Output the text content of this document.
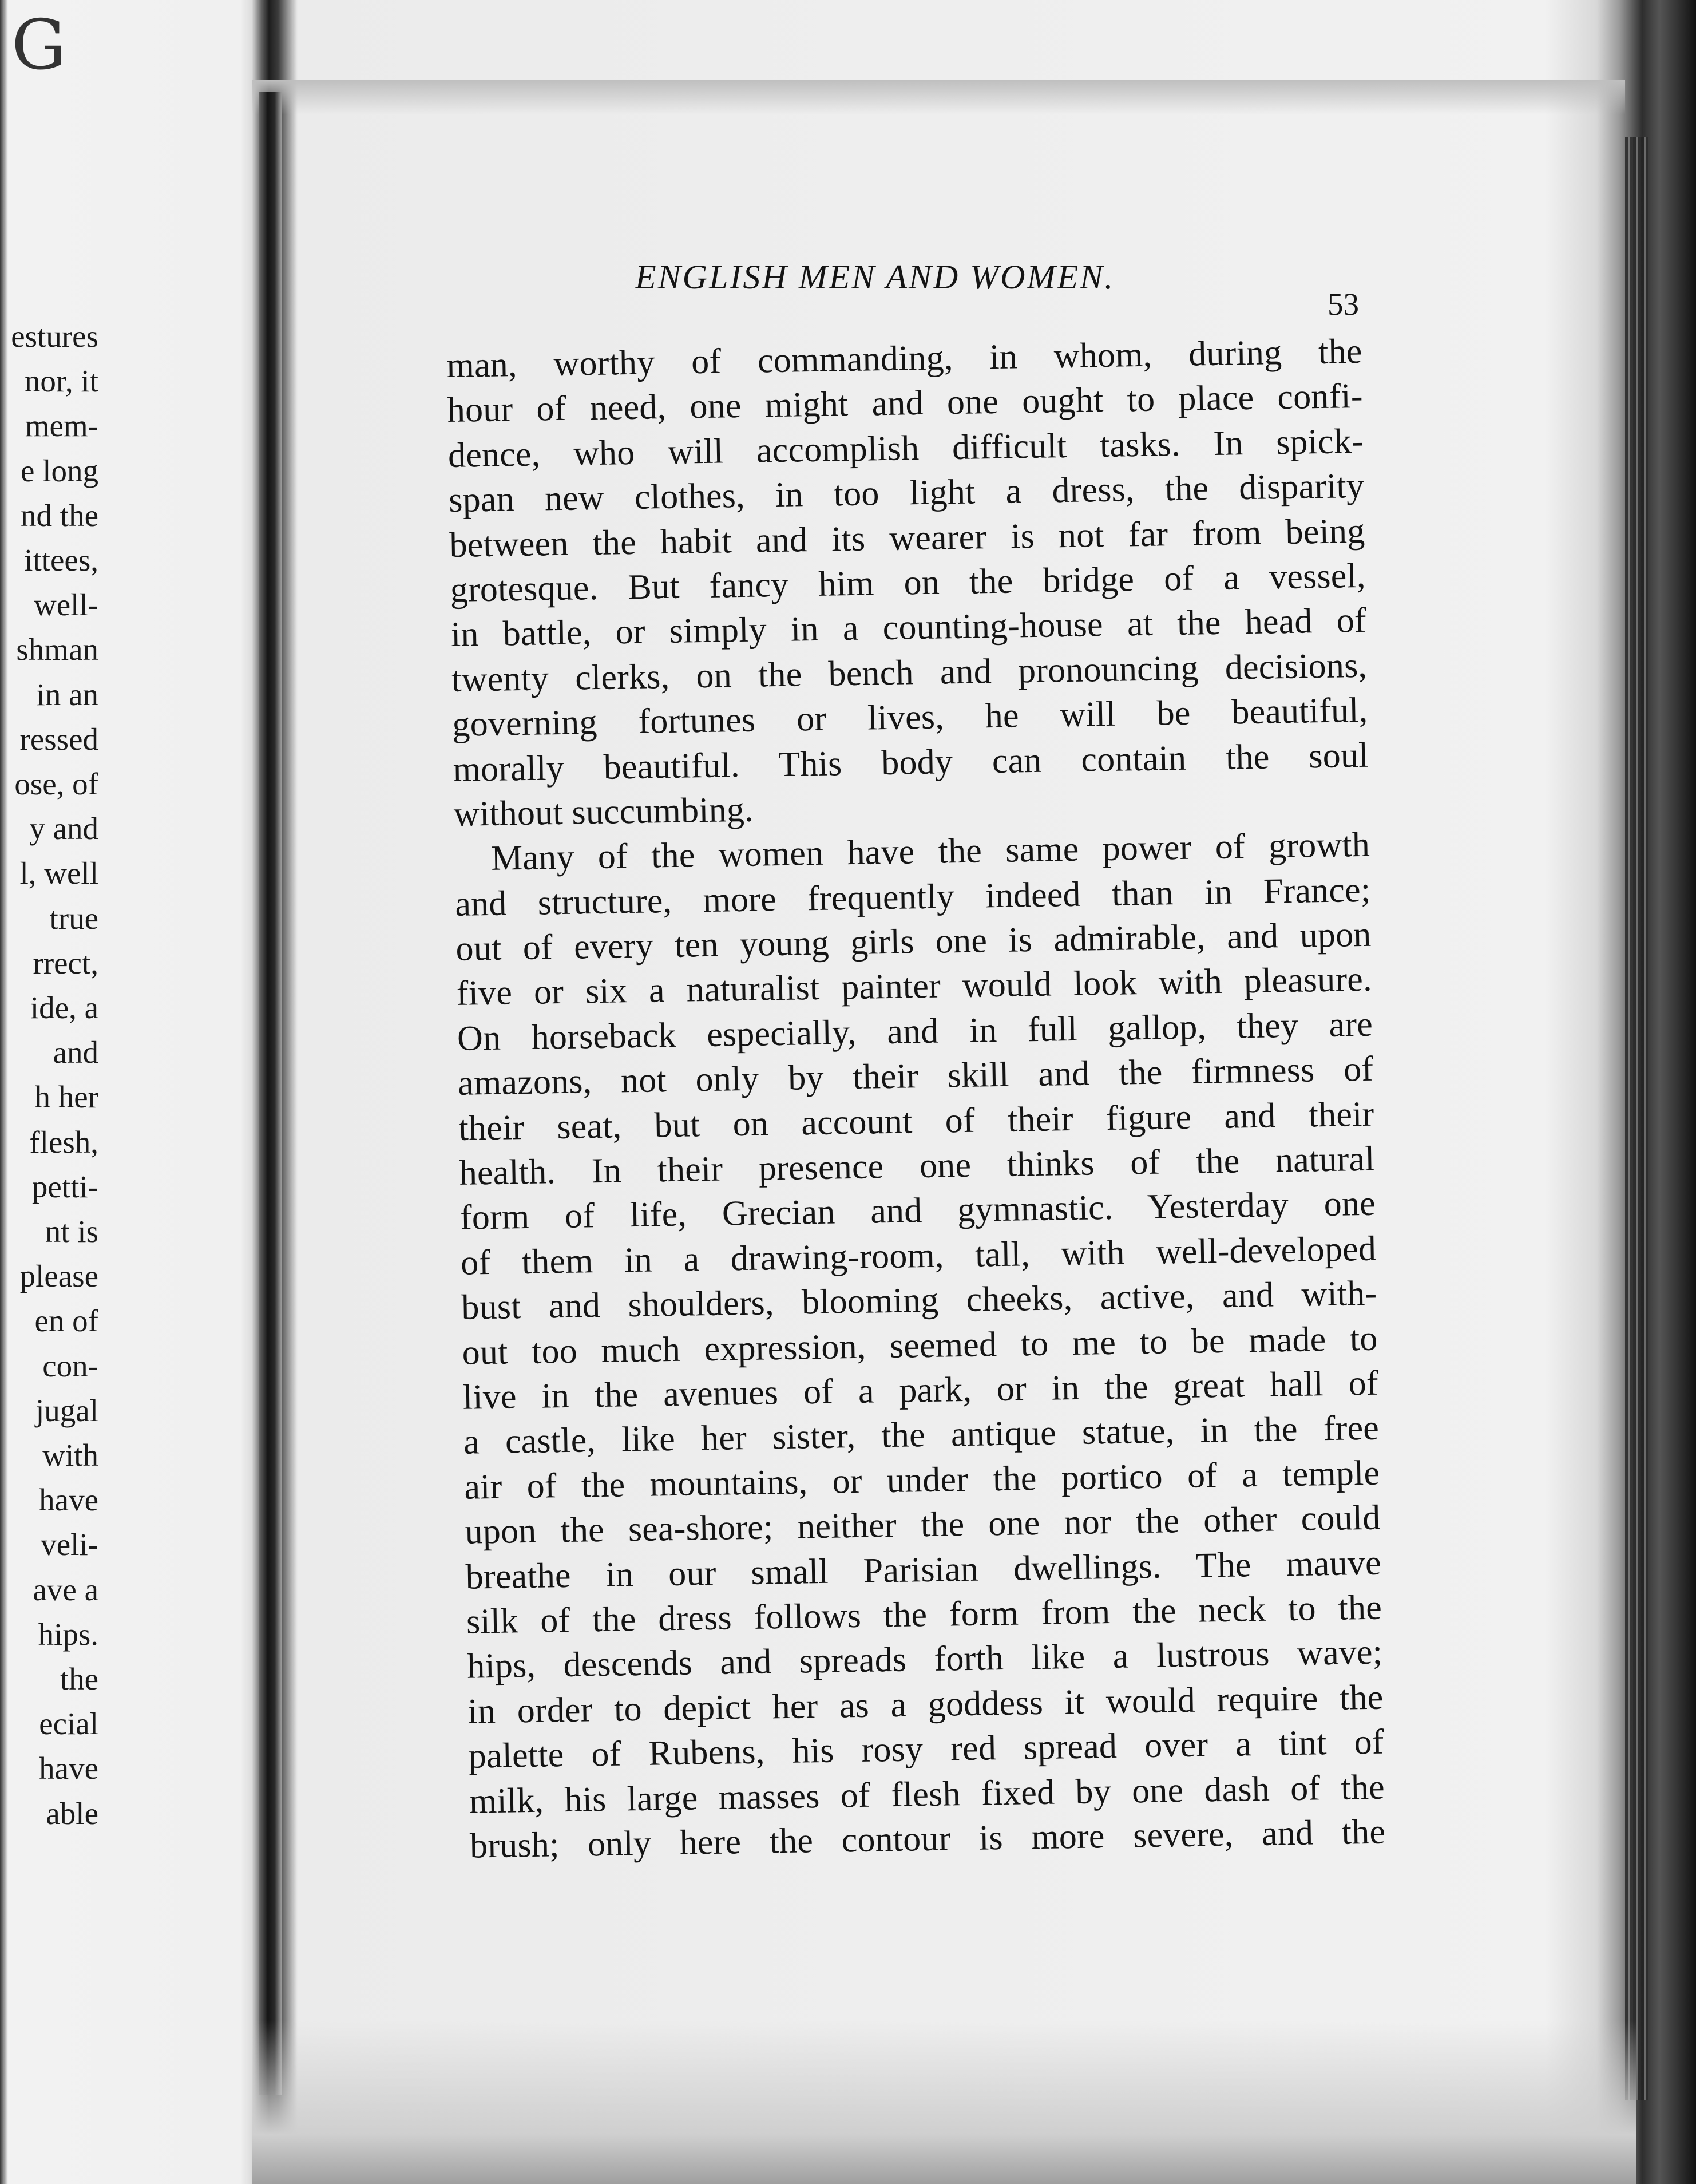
G
estures
nor, it
mem-
e long
nd the
ittees,
well-
shman
in an
ressed
ose, of
y and
l, well
true
rrect,
ide, a
and
h her
flesh,
petti-
nt is
please
en of
con-
jugal
with
have
veli-
ave a
hips.
the
ecial
have
able
ENGLISH MEN AND WOMEN.
53
man, worthy of commanding, in whom, during the
hour of need, one might and one ought to place confi-
dence, who will accomplish difficult tasks. In spick-
span new clothes, in too light a dress, the disparity
between the habit and its wearer is not far from being
grotesque. But fancy him on the bridge of a vessel,
in battle, or simply in a counting-house at the head of
twenty clerks, on the bench and pronouncing decisions,
governing fortunes or lives, he will be beautiful,
morally beautiful. This body can contain the soul
without succumbing.
Many of the women have the same power of growth
and structure, more frequently indeed than in France;
out of every ten young girls one is admirable, and upon
five or six a naturalist painter would look with pleasure.
On horseback especially, and in full gallop, they are
amazons, not only by their skill and the firmness of
their seat, but on account of their figure and their
health. In their presence one thinks of the natural
form of life, Grecian and gymnastic. Yesterday one
of them in a drawing-room, tall, with well-developed
bust and shoulders, blooming cheeks, active, and with-
out too much expression, seemed to me to be made to
live in the avenues of a park, or in the great hall of
a castle, like her sister, the antique statue, in the free
air of the mountains, or under the portico of a temple
upon the sea-shore; neither the one nor the other could
breathe in our small Parisian dwellings. The mauve
silk of the dress follows the form from the neck to the
hips, descends and spreads forth like a lustrous wave;
in order to depict her as a goddess it would require the
palette of Rubens, his rosy red spread over a tint of
milk, his large masses of flesh fixed by one dash of the
brush; only here the contour is more severe, and the
